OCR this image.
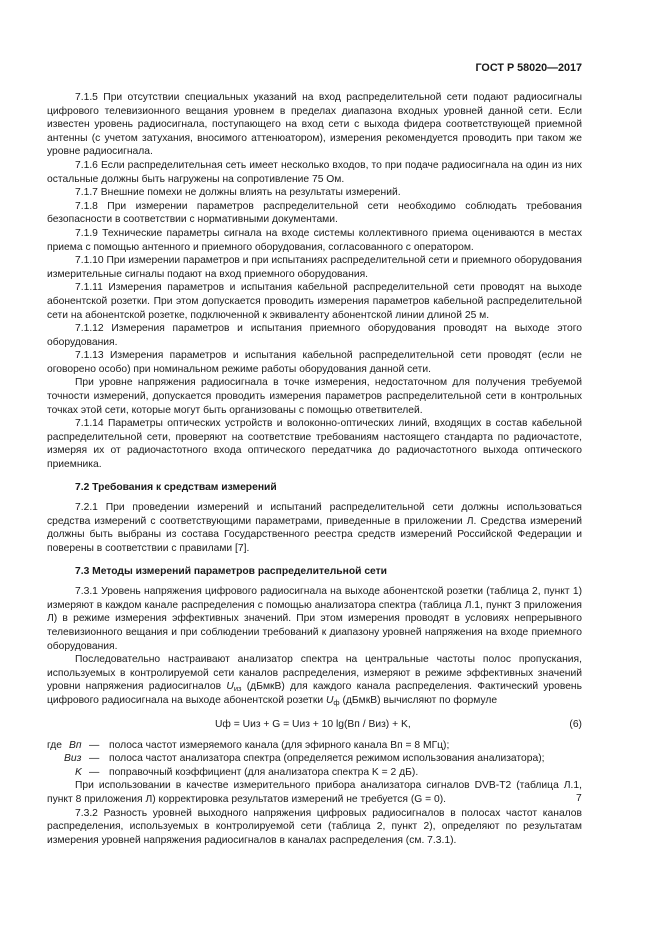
ГОСТ Р 58020—2017

7.1.5 При отсутствии специальных указаний на вход распределительной сети подают радиосигналы цифрового телевизионного вещания уровнем в пределах диапазона входных уровней данной сети. Если известен уровень радиосигнала, поступающего на вход сети с выхода фидера соответствующей приемной антенны (с учетом затухания, вносимого аттенюатором), измерения рекомендуется проводить при таком же уровне радиосигнала.

7.1.6 Если распределительная сеть имеет несколько входов, то при подаче радиосигнала на один из них остальные должны быть нагружены на сопротивление 75 Ом.

7.1.7 Внешние помехи не должны влиять на результаты измерений.

7.1.8 При измерении параметров распределительной сети необходимо соблюдать требования безопасности в соответствии с нормативными документами.

7.1.9 Технические параметры сигнала на входе системы коллективного приема оцениваются в местах приема с помощью антенного и приемного оборудования, согласованного с оператором.

7.1.10 При измерении параметров и при испытаниях распределительной сети и приемного оборудования измерительные сигналы подают на вход приемного оборудования.

7.1.11 Измерения параметров и испытания кабельной распределительной сети проводят на выходе абонентской розетки. При этом допускается проводить измерения параметров кабельной распределительной сети на абонентской розетке, подключенной к эквиваленту абонентской линии длиной 25 м.

7.1.12 Измерения параметров и испытания приемного оборудования проводят на выходе этого оборудования.

7.1.13 Измерения параметров и испытания кабельной распределительной сети проводят (если не оговорено особо) при номинальном режиме работы оборудования данной сети.

При уровне напряжения радиосигнала в точке измерения, недостаточном для получения требуемой точности измерений, допускается проводить измерения параметров распределительной сети в контрольных точках этой сети, которые могут быть организованы с помощью ответвителей.

7.1.14 Параметры оптических устройств и волоконно-оптических линий, входящих в состав кабельной распределительной сети, проверяют на соответствие требованиям настоящего стандарта по радиочастоте, измеряя их от радиочастотного входа оптического передатчика до радиочастотного выхода оптического приемника.

7.2 Требования к средствам измерений

7.2.1 При проведении измерений и испытаний распределительной сети должны использоваться средства измерений с соответствующими параметрами, приведенные в приложении Л. Средства измерений должны быть выбраны из состава Государственного реестра средств измерений Российской Федерации и поверены в соответствии с правилами [7].

7.3 Методы измерений параметров распределительной сети

7.3.1 Уровень напряжения цифрового радиосигнала на выходе абонентской розетки (таблица 2, пункт 1) измеряют в каждом канале распределения с помощью анализатора спектра (таблица Л.1, пункт 3 приложения Л) в режиме измерения эффективных значений. При этом измерения проводят в условиях непрерывного телевизионного вещания и при соблюдении требований к диапазону уровней напряжения на входе приемного оборудования.

Последовательно настраивают анализатор спектра на центральные частоты полос пропускания, используемых в контролируемой сети каналов распределения, измеряют в режиме эффективных значений уровни напряжения радиосигналов $U_{из}$ (дБмкВ) для каждого канала распределения. Фактический уровень цифрового радиосигнала на выходе абонентской розетки $U_ф$ (дБмкВ) вычисляют по формуле

Uф = Uиз + G = Uиз + 10 lg(Bп / Bиз) + K,	(6)
где Bп — полоса частот измеряемого канала (для эфирного канала Bп = 8 МГц);
Bиз — полоса частот анализатора спектра (определяется режимом использования анализатора);
K — поправочный коэффициент (для анализатора спектра K = 2 дБ).

При использовании в качестве измерительного прибора анализатора сигналов DVB-T2 (таблица Л.1, пункт 8 приложения Л) корректировка результатов измерений не требуется (G = 0).

7.3.2 Разность уровней выходного напряжения цифровых радиосигналов в полосах частот каналов распределения, используемых в контролируемой сети (таблица 2, пункт 2), определяют по результатам измерения уровней напряжения радиосигналов в каналах распределения (см. 7.3.1).

7
